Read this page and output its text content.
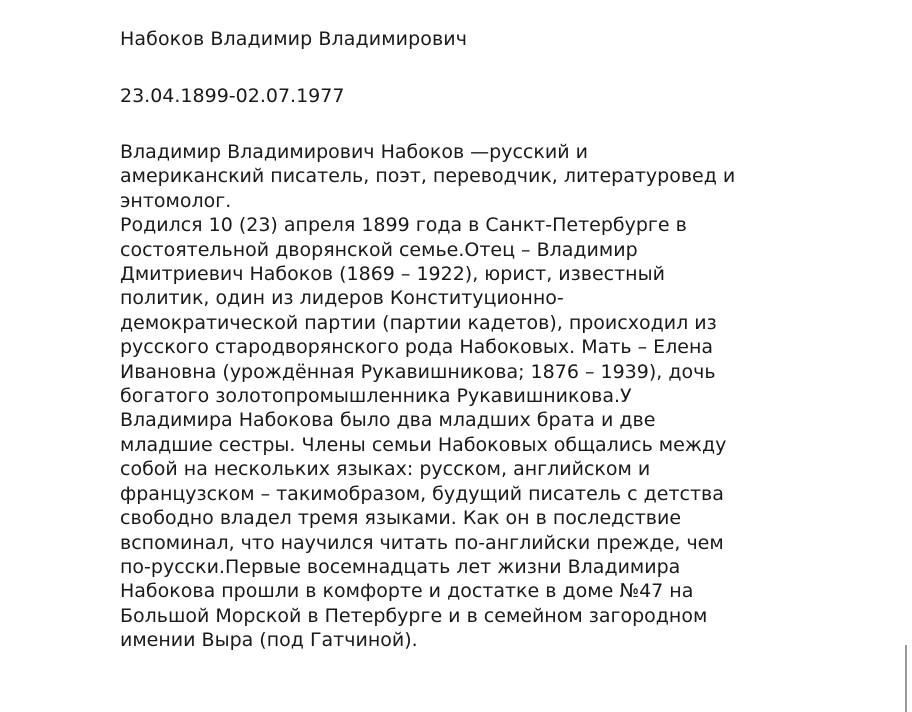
Набоков Владимир Владимирович
23.04.1899-02.07.1977
Владимир Владимирович Набоков —русский и
американский писатель, поэт, переводчик, литературовед и
энтомолог.
Родился 10 (23) апреля 1899 года в Санкт-Петербурге в
состоятельной дворянской семье.Отец – Владимир
Дмитриевич Набоков (1869 – 1922), юрист, известный
политик, один из лидеров Конституционно-
демократической партии (партии кадетов), происходил из
русского стародворянского рода Набоковых. Мать – Елена
Ивановна (урождённая Рукавишникова; 1876 – 1939), дочь
богатого золотопромышленника Рукавишникова.У
Владимира Набокова было два младших брата и две
младшие сестры. Члены семьи Набоковых общались между
собой на нескольких языках: русском, английском и
французском – такимобразом, будущий писатель с детства
свободно владел тремя языками. Как он в последствие
вспоминал, что научился читать по-английски прежде, чем
по-русски.Первые восемнадцать лет жизни Владимира
Набокова прошли в комфорте и достатке в доме №47 на
Большой Морской в Петербурге и в семейном загородном
имении Выра (под Гатчиной).
